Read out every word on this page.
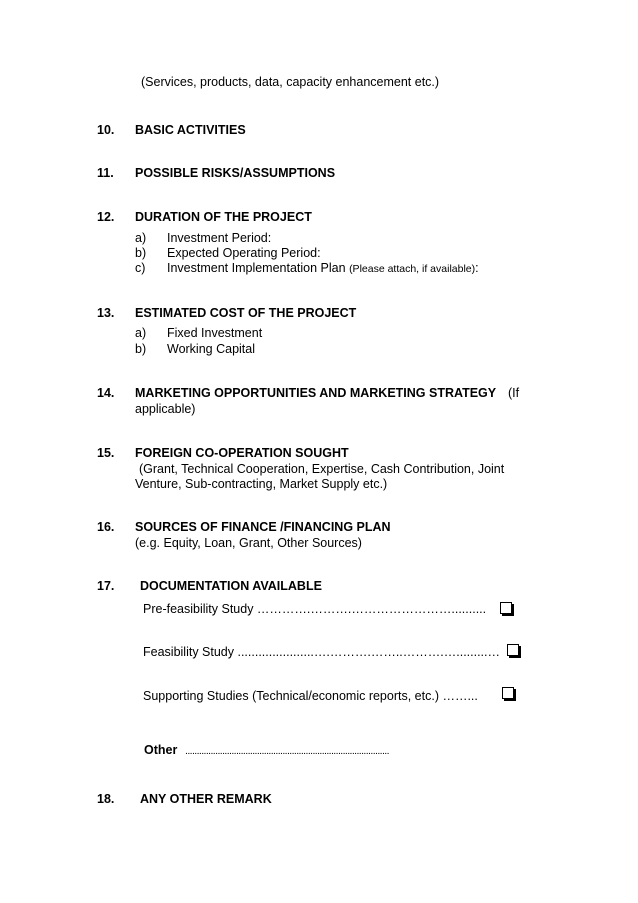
(Services, products, data, capacity enhancement etc.)
10. BASIC ACTIVITIES
11. POSSIBLE RISKS/ASSUMPTIONS
12. DURATION OF THE PROJECT
a) Investment Period:
b) Expected Operating Period:
c) Investment Implementation Plan (Please attach, if available):
13. ESTIMATED COST OF THE PROJECT
a) Fixed Investment
b) Working Capital
14. MARKETING OPPORTUNITIES AND MARKETING STRATEGY (If
applicable)
15. FOREIGN CO-OPERATION SOUGHT
(Grant, Technical Cooperation, Expertise, Cash Contribution, Joint
Venture, Sub-contracting, Market Supply etc.)
16. SOURCES OF FINANCE /FINANCING PLAN
(e.g. Equity, Loan, Grant, Other Sources)
17. DOCUMENTATION AVAILABLE
Pre-feasibility Study ………….……….……………………..........
Feasibility Study ......................….……….……..……….….........…
Supporting Studies (Technical/economic reports, etc.) ……...
Other ........................................................................................
18. ANY OTHER REMARK
